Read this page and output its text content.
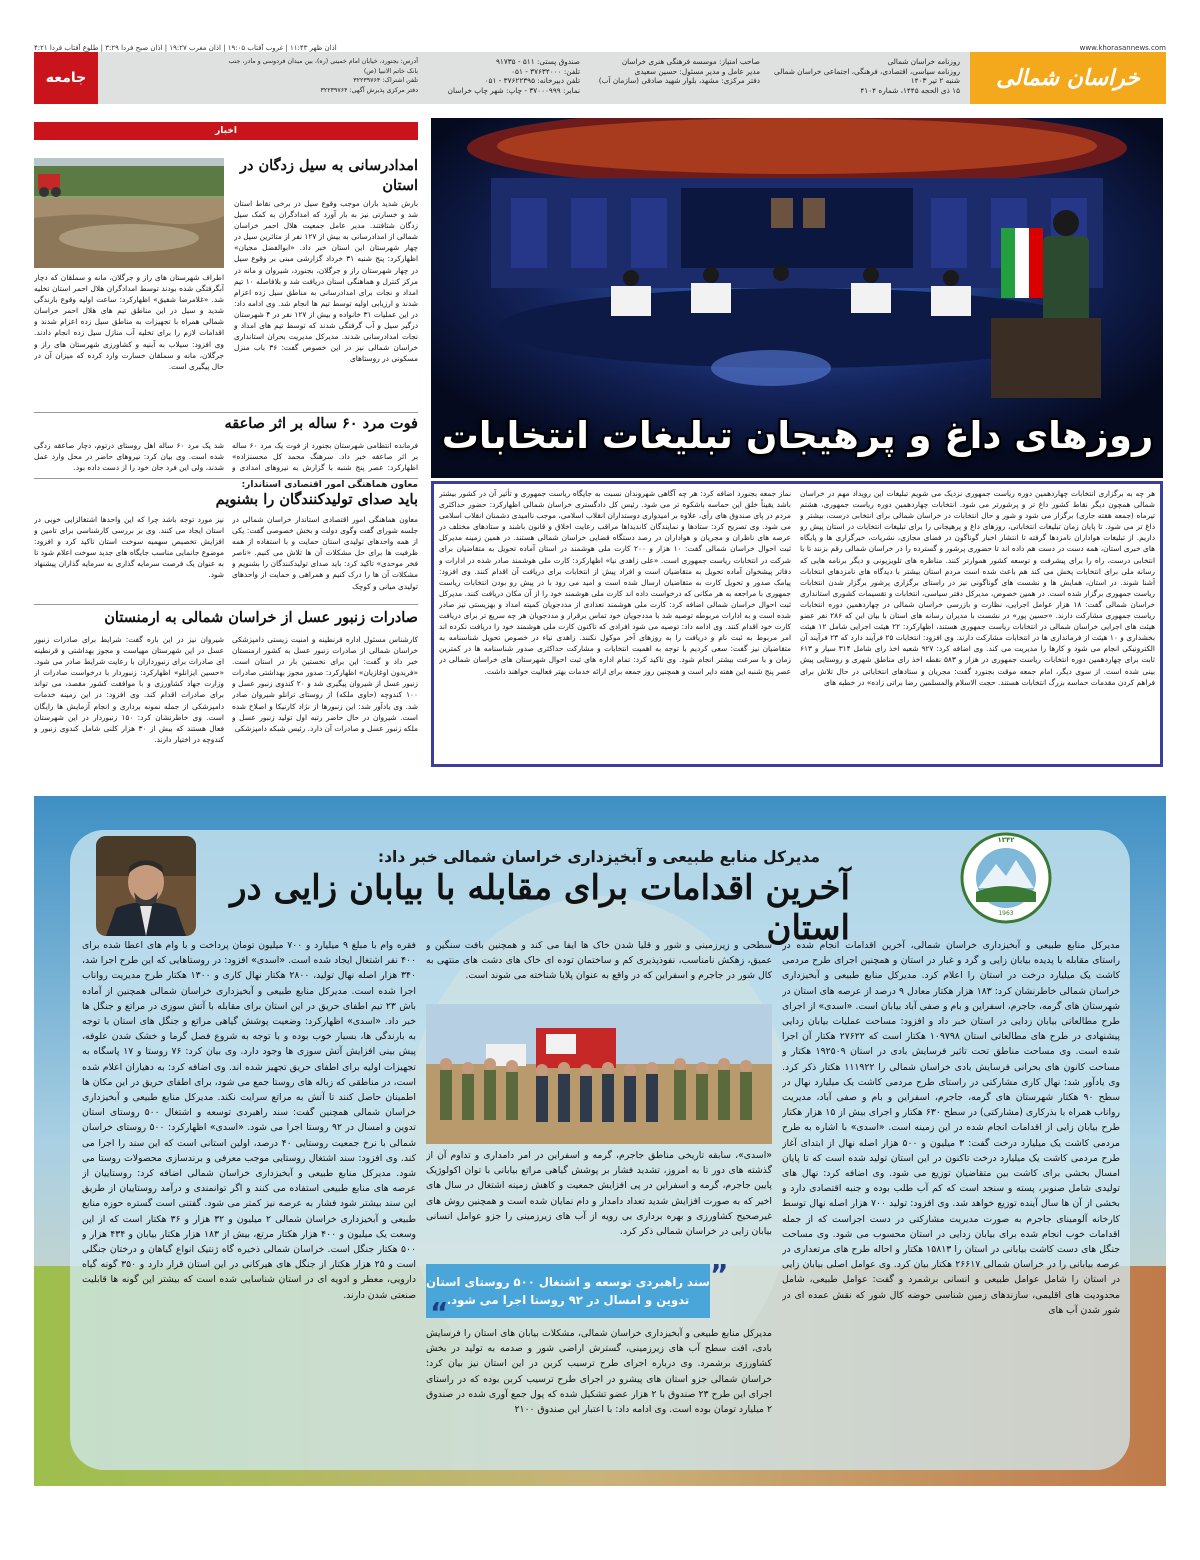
www.khorasannews.com
اذان ظهر ۱۱:۴۳ | غروب آفتاب ۱۹:۰۵ | اذان مغرب ۱۹:۲۷ | اذان صبح فردا ۳:۲۹ | طلوع آفتاب فردا ۴:۲۱
خراسان شمالی
روزنامه خراسان شمالی
روزنامه سیاسی، اقتصادی، فرهنگی، اجتماعی خراسان شمالی
شنبه ۲ تیر ۱۴۰۳
۱۵ ذی الحجه ۱۴۴۵، شماره ۴۱۰۴
صاحب امتیاز: موسسه فرهنگی هنری خراسان
مدیر عامل و مدیر مسئول: حسین سعیدی
دفتر مرکزی: مشهد، بلوار شهید صادقی (سازمان آب)
صندوق پستی: ۵۱۱ - ۹۱۷۳۵
تلفن: ۳۷۶۳۴۰۰۰ - ۰۵۱
تلفن دبیرخانه: ۳۷۶۲۲۳۹۵ - ۰۵۱
نمابر: ۳۷۰۰۰۹۹۹ - چاپ: شهر چاپ خراسان
آدرس: بجنورد، خیابان امام خمینی (ره)، بین میدان فردوسی و مادر، جنب بانک خاتم الانبیا (ص)
تلفن اشتراک: ۳۲۲۳۹۷۶۴
دفتر مرکزی پذیرش آگهی: ۳۲۲۳۹۷۶۴
جامعه
اخبار
امدادرسانی به سیل زدگان در استان
بارش شدید باران موجب وقوع سیل در برخی نقاط استان شد و خسارتی نیز به بار آورد که امدادگران به کمک سیل زدگان شتافتند. مدیر عامل جمعیت هلال احمر خراسان شمالی از امدادرسانی به بیش از ۱۲۷ نفر از متاثرین سیل در چهار شهرستان این استان خبر داد. «ابوالفضل مجیان» اظهارکرد: پنج شنبه ۳۱ خرداد گزارشی مبنی بر وقوع سیل در چهار شهرستان راز و جرگلان، بجنورد، شیروان و مانه در مرکز کنترل و هماهنگی استان دریافت شد و بلافاصله ۱۰ تیم امداد و نجات برای امدادرسانی به مناطق سیل زده اعزام شدند و ارزیابی اولیه توسط تیم ها انجام شد. وی ادامه داد: در این عملیات ۳۱ خانواده و بیش از ۱۲۷ نفر در ۴ شهرستان درگیر سیل و آب گرفتگی شدند که توسط تیم های امداد و نجات امدادرسانی شدند. مدیرکل مدیریت بحران استانداری خراسان شمالی نیز در این خصوص گفت: ۳۶ باب منزل مسکونی در روستاهای
اطراف شهرستان های راز و جرگلان، مانه و سملقان که دچار آبگرفتگی شده بودند توسط امدادگران هلال احمر استان تخلیه شد. «غلامرضا شفیق» اظهارکرد: ساعت اولیه وقوع بارندگی شدید و سیل در این مناطق تیم های هلال احمر خراسان شمالی همراه با تجهیزات به مناطق سیل زده اعزام شدند و اقدامات لازم را برای تخلیه آب منازل سیل زده انجام دادند. وی افزود: سیلاب به آبنیه و کشاورزی شهرستان های راز و جرگلان، مانه و سملقان خسارت وارد کرده که میزان آن در حال پیگیری است.
فوت مرد ۶۰ ساله بر اثر صاعقه
فرمانده انتظامی شهرستان بجنورد از فوت یک مرد ۶۰ ساله بر اثر صاعقه خبر داد. سرهنگ محمد کل محسنزاده» اظهارکرد: عصر پنج شنبه با گزارش به نیروهای امدادی و
شد یک مرد ۶۰ ساله اهل روستای درتوم، دچار صاعقه زدگی شده است. وی بیان کرد: نیروهای حاضر در محل وارد عمل شدند، ولی این فرد جان خود را از دست داده بود.
معاون هماهنگی امور اقتصادی استاندار:
باید صدای تولیدکنندگان را بشنویم
معاون هماهنگی امور اقتصادی استاندار خراسان شمالی در جلسه شورای گفت وگوی دولت و بخش خصوصی گفت: یکی از همه واحدهای تولیدی استان حمایت و با استفاده از همه ظرفیت ها برای حل مشکلات آن ها تلاش می کنیم. «ناصر فخر موحدی» تاکید کرد: باید صدای تولیدکنندگان را بشنویم و مشکلات آن ها را درک کنیم و همراهی و حمایت از واحدهای تولیدی میانی و کوچک
نیز مورد توجه باشد چرا که این واحدها اشتغالزایی خوبی در استان ایجاد می کنند. وی بر بررسی کارشناسی برای تامین و افزایش تخصیص سهمیه سوخت استان تاکید کرد و افزود: موضوع جانمایی مناسب جایگاه های جدید سوخت اعلام شود تا به عنوان یک فرصت سرمایه گذاری به سرمایه گذاران پیشنهاد شود.
صادرات زنبور عسل از خراسان شمالی به ارمنستان
کارشناس مسئول اداره قرنطینه و امنیت زیستی دامپزشکی خراسان شمالی از صادرات زنبور عسل به کشور ارمنستان خبر داد و گفت: این برای نخستین بار در استان است. «فریدون اوغازیان» اظهارکرد: صدور مجوز بهداشتی صادرات زنبور عسل از شیروان پیگیری شد و ۲۰ کندوی زنبور عسل و ۱۰۰ کندوچه (حاوی ملکه) از روستای ترانلو شیروان صادر شد. وی یادآور شد: این زنبورها از نژاد کارنیکا و اصلاح شده است. شیروان در حال حاضر رتبه اول تولید زنبور عسل و ملکه زنبور عسل و صادرات آن دارد. رئیس شبکه دامپزشکی
شیروان نیز در این باره گفت: شرایط برای صادرات زنبور عسل در این شهرستان مهیاست و مجوز بهداشتی و قرنطینه ای صادرات برای زنبورداران با رعایت شرایط صادر می شود. «حسین ایزانلو» اظهارکرد: زنبوردار با درخواست صادرات از وزارت جهاد کشاورزی و با موافقت کشور مقصد، می تواند برای صادرات اقدام کند. وی افزود: در این زمینه خدمات دامپزشکی از جمله نمونه برداری و انجام آزمایش ها رایگان است. وی خاطرنشان کرد: ۱۵۰ زنبوردار در این شهرستان فعال هستند که بیش از ۳۰ هزار کلنی شامل کندوی زنبور و کندوچه در اختیار دارند.
روزهای داغ و پرهیجان تبلیغات انتخابات
هر چه به برگزاری انتخابات چهاردهمین دوره ریاست جمهوری نزدیک می شویم تبلیغات این رویداد مهم در خراسان شمالی همچون دیگر نقاط کشور داغ تر و پرشورتر می شود. انتخابات چهاردهمین دوره ریاست جمهوری، هشتم تیرماه (جمعه هفته جاری) برگزار می شود و شور و حال انتخابات در خراسان شمالی برای انتخابی درست، بیشتر و داغ تر می شود. تا پایان زمان تبلیغات انتخاباتی، روزهای داغ و پرهیجانی را برای تبلیغات انتخابات در استان پیش رو داریم. از تبلیغات هواداران نامزدها گرفته تا انتشار اخبار گوناگون در فضای مجازی، نشریات، خبرگزاری ها و پایگاه های خبری استان، همه دست در دست هم داده اند تا حضوری پرشور و گسترده را در خراسان شمالی رقم بزنند تا با انتخابی درست، راه را برای پیشرفت و توسعه کشور هموارتر کنند. مناظره های تلویزیونی و دیگر برنامه هایی که رسانه ملی برای انتخابات پخش می کند هم باعث شده است مردم استان بیشتر با دیدگاه های نامزدهای انتخابات آشنا شوند. در استان، همایش ها و نشست های گوناگونی نیز در راستای برگزاری پرشور برگزار شدن انتخابات ریاست جمهوری برگزار شده است. در همین خصوص، مدیرکل دفتر سیاسی، انتخابات و تقسیمات کشوری استانداری خراسان شمالی گفت: ۱۸ هزار عوامل اجرایی، نظارت و بازرسی خراسان شمالی در چهاردهمین دوره انتخابات ریاست جمهوری مشارکت دارند. «حسین پور» در نشست با مدیران رسانه های استان با بیان این که ۲۸۶ نفر عضو هیئت های اجرایی خراسان شمالی در انتخابات ریاست جمهوری هستند، اظهارکرد: ۲۲ هیئت اجرایی شامل ۱۲ هیئت بخشداری و ۱۰ هیئت از فرمانداری ها در انتخابات مشارکت دارند. وی افزود: انتخابات ۲۵ فرآیند دارد که ۲۳ فرآیند آن الکترونیکی انجام می شود و کارها را مدیریت می کند. وی اضافه کرد: ۹۲۷ شعبه اخذ رای شامل ۳۱۴ سیار و ۶۱۳ ثابت برای چهاردهمین دوره انتخابات ریاست جمهوری در هزار و ۵۸۳ نقطه اخذ رای مناطق شهری و روستایی پیش بینی شده است. از سوی دیگر، امام جمعه موقت بجنورد گفت: مجریان و ستادهای انتخاباتی در حال تلاش برای فراهم کردن مقدمات حماسه بزرگ انتخابات هستند. حجت الاسلام والمسلمین رضا براتی زاده» در خطبه های
نماز جمعه بجنورد اضافه کرد: هر چه آگاهی شهروندان نسبت به جایگاه ریاست جمهوری و تأثیر آن در کشور بیشتر باشد یقیناً خلق این حماسه باشکوه تر می شود. رئیس کل دادگستری خراسان شمالی اظهارکرد: حضور حداکثری مردم در پای صندوق های رأی، علاوه بر امیدواری دوستداران انقلاب اسلامی، موجب ناامیدی دشمنان انقلاب اسلامی می شود. وی تصریح کرد: ستادها و نمایندگان کاندیداها مراقب رعایت اخلاق و قانون باشند و ستادهای مختلف در عرصه های ناظران و مجریان و هواداران در رصد دستگاه قضایی خراسان شمالی هستند. در همین زمینه مدیرکل ثبت احوال خراسان شمالی گفت: ۱۰ هزار و ۲۰۰ کارت ملی هوشمند در استان آماده تحویل به متقاضیان برای شرکت در انتخابات ریاست جمهوری است. «علی زاهدی نیا» اظهارکرد: کارت ملی هوشمند صادر شده در ادارات و دفاتر پیشخوان آماده تحویل به متقاضیان است و افراد پیش از انتخابات برای دریافت آن اقدام کنند. وی افزود: پیامک صدور و تحویل کارت به متقاضیان ارسال شده است و امید می رود با در پیش رو بودن انتخابات ریاست جمهوری با مراجعه به هر مکانی که درخواست داده اند کارت ملی هوشمند خود را از آن مکان دریافت کنند. مدیرکل ثبت احوال خراسان شمالی اضافه کرد: کارت ملی هوشمند تعدادی از مددجویان کمیته امداد و بهزیستی نیز صادر شده است و به ادارات مربوطه توصیه شد با مددجویان خود تماس برقرار و مددجویان هر چه سریع تر برای دریافت کارت خود اقدام کنند. وی ادامه داد: توصیه می شود افرادی که تاکنون کارت ملی هوشمند خود را دریافت نکرده اند امر مربوط به ثبت نام و دریافت را به روزهای آخر موکول نکنند. زاهدی نیاء در خصوص تحویل شناسنامه به متقاضیان نیز گفت: سعی کردیم با توجه به اهمیت انتخابات و مشارکت حداکثری صدور شناسنامه ها در کمترین زمان و با سرعت بیشتر انجام شود. وی تاکید کرد: تمام اداره های ثبت احوال شهرستان های خراسان شمالی در عصر پنج شنبه این هفته دایر است و همچنین روز جمعه برای ارائه خدمات بهتر فعالیت خواهند داشت.
۱۳۴۲
1963
مدیرکل منابع طبیعی و آبخیزداری خراسان شمالی خبر داد:
آخرین اقدامات برای مقابله با بیابان زایی در استان
مدیرکل منابع طبیعی و آبخیزداری خراسان شمالی، آخرین اقدامات انجام شده در راستای مقابله با پدیده بیابان زایی و گرد و غبار در استان و همچنین اجرای طرح مردمی کاشت یک میلیارد درخت در استان را اعلام کرد. مدیرکل منابع طبیعی و آبخیزداری خراسان شمالی خاطرنشان کرد: ۱۸۳ هزار هکتار معادل ۹ درصد از عرصه های استان در شهرستان های گرمه، جاجرم، اسفراین و بام و صفی آباد بیابان است. «اسدی» از اجرای طرح مطالعاتی بیابان زدایی در استان خبر داد و افزود: مساحت عملیات بیابان زدایی پیشنهادی در طرح های مطالعاتی استان ۱۰۹۷۹۸ هکتار است که ۲۷۶۲۲ هکتار آن اجرا شده است. وی مساحت مناطق تحت تاثیر فرسایش بادی در استان ۱۹۲۵۰۹ هکتار و مساحت کانون های بحرانی فرسایش بادی خراسان شمالی را ۱۱۱۹۲۲ هکتار ذکر کرد. وی یادآور شد: نهال کاری مشارکتی در راستای طرح مردمی کاشت یک میلیارد نهال در سطح ۹۰ هکتار شهرستان های گرمه، جاجرم، اسفراین و بام و صفی آباد، مدیریت رواناب همراه با بذرکاری (مشارکتی) در سطح ۶۳۰ هکتار و اجرای بیش از ۱۵ هزار هکتار طرح بیابان زایی از اقدامات انجام شده در این زمینه است. «اسدی» با اشاره به طرح مردمی کاشت یک میلیارد درخت گفت: ۳ میلیون و ۵۰۰ هزار اصله نهال از ابتدای آغاز طرح مردمی کاشت یک میلیارد درخت تاکنون در این استان تولید شده است که تا پایان امسال بخشی برای کاشت بین متقاضیان توزیع می شود. وی اضافه کرد: نهال های تولیدی شامل صنوبر، پسته و سنجد است که کم آب طلب بوده و جنبه اقتصادی دارد و بخشی از آن ها سال آینده توزیع خواهد شد. وی افزود: تولید ۷۰۰ هزار اصله نهال توسط کارخانه آلومینای جاجرم به صورت مدیریت مشارکتی در دست اجراست که از جمله اقدامات خوب انجام شده برای بیابان زدایی در استان محسوب می شود. وی مساحت جنگل های دست کاشت بیابانی در استان را ۱۵۸۱۳ هکتار و احاله طرح های مرتعداری در عرصه بیابانی را در خراسان شمالی ۲۶۶۱۷ هکتار بیان کرد. وی عوامل اصلی بیابان زایی در استان را شامل عوامل طبیعی و انسانی برشمرد و گفت: عوامل طبیعی، شامل محدودیت های اقلیمی، سازندهای زمین شناسی حوضه کال شور که نقش عمده ای در شور شدن آب های
سطحی و زیرزمینی و شور و قلیا شدن خاک ها ایفا می کند و همچنین بافت سنگین و عمیق، زهکش نامناسب، نفوذپذیری کم و ساختمان توده ای خاک های دشت های منتهی به کال شور در جاجرم و اسفراین که در واقع به عنوان پلایا شناخته می شوند است.
«اسدی»، سابقه تاریخی مناطق جاجرم، گرمه و اسفراین در امر دامداری و تداوم آن از گذشته های دور تا به امروز، تشدید فشار بر پوشش گیاهی مراتع بیابانی با توان اکولوژیک پایین جاجرم، گرمه و اسفراین در پی افزایش جمعیت و کاهش زمینه اشتغال در سال های اخیر که به صورت افزایش شدید تعداد دامدار و دام نمایان شده است و همچنین روش های غیرصحیح کشاورزی و بهره برداری بی رویه از آب های زیرزمینی را جزو عوامل انسانی بیابان زایی در خراسان شمالی ذکر کرد.
سند راهبردی توسعه و اشتغال ۵۰۰ روستای استان تدوین و امسال در ۹۲ روستا اجرا می شود.
”
“
مدیرکل منابع طبیعی و آبخیزداری خراسان شمالی، مشکلات بیابان های استان را فرسایش بادی، افت سطح آب های زیرزمینی، گسترش اراضی شور و صدمه به تولید در بخش کشاورزی برشمرد. وی درباره اجرای طرح ترسیب کربن در این استان نیز بیان کرد: خراسان شمالی جزو استان های پیشرو در اجرای طرح ترسیب کربن بوده که در راستای اجرای این طرح ۲۳ صندوق با ۲ هزار عضو تشکیل شده که پول جمع آوری شده در صندوق ۲ میلیارد تومان بوده است. وی ادامه داد: با اعتبار این صندوق ۲۱۰۰
فقره وام با مبلغ ۹ میلیارد و ۷۰۰ میلیون تومان پرداخت و با وام های اعطا شده برای ۴۰۰ نفر اشتغال ایجاد شده است. «اسدی» افزود: در روستاهایی که این طرح اجرا شد، ۳۴۰ هزار اصله نهال تولید، ۲۸۰۰ هکتار نهال کاری و ۱۳۰۰ هکتار طرح مدیریت رواناب اجرا شده است. مدیرکل منابع طبیعی و آبخیزداری خراسان شمالی همچنین از آماده باش ۲۳ تیم اطفای حریق در این استان برای مقابله با آتش سوزی در مراتع و جنگل ها خبر داد. «اسدی» اظهارکرد: وضعیت پوشش گیاهی مراتع و جنگل های استان با توجه به بارندگی ها، بسیار خوب بوده و با توجه به شروع فصل گرما و خشک شدن علوفه، پیش بینی افزایش آتش سوزی ها وجود دارد. وی بیان کرد: ۷۶ روستا و ۱۷ پاسگاه به تجهیزات اولیه برای اطفای حریق تجهیز شده اند. وی اضافه کرد: به دهیاران اعلام شده است، در مناطقی که زباله های روستا جمع می شود، برای اطفای حریق در این مکان ها اطمینان حاصل کنند تا آتش به مراتع سرایت نکند. مدیرکل منابع طبیعی و آبخیزداری خراسان شمالی همچنین گفت: سند راهبردی توسعه و اشتغال ۵۰۰ روستای استان تدوین و امسال در ۹۲ روستا اجرا می شود. «اسدی» اظهارکرد: ۵۰۰ روستای خراسان شمالی با نرخ جمعیت روستایی ۴۰ درصد، اولین استانی است که این سند را اجرا می کند. وی افزود: سند اشتغال روستایی موجب معرفی و برندسازی محصولات روستا می شود. مدیرکل منابع طبیعی و آبخیزداری خراسان شمالی اضافه کرد: روستاییان از عرصه های منابع طبیعی استفاده می کنند و اگر توانمندی و درآمد روستاییان از طریق این سند بیشتر شود فشار به عرصه نیز کمتر می شود. گفتنی است گستره حوزه منابع طبیعی و آبخیزداری خراسان شمالی ۲ میلیون و ۳۲ هزار و ۳۶ هکتار است که از این وسعت یک میلیون و ۴۰۰ هزار هکتار مرتع، بیش از ۱۸۳ هزار هکتار بیابان و ۴۳۴ هزار و ۵۰۰ هکتار جنگل است. خراسان شمالی ذخیره گاه ژنتیک انواع گیاهان و درختان جنگلی است و ۲۵ هزار هکتار از جنگل های هیرکانی در این استان قرار دارد و ۳۵۰ گونه گیاه دارویی، معطر و ادویه ای در استان شناسایی شده است که بیشتر این گونه ها قابلیت صنعتی شدن دارند.
